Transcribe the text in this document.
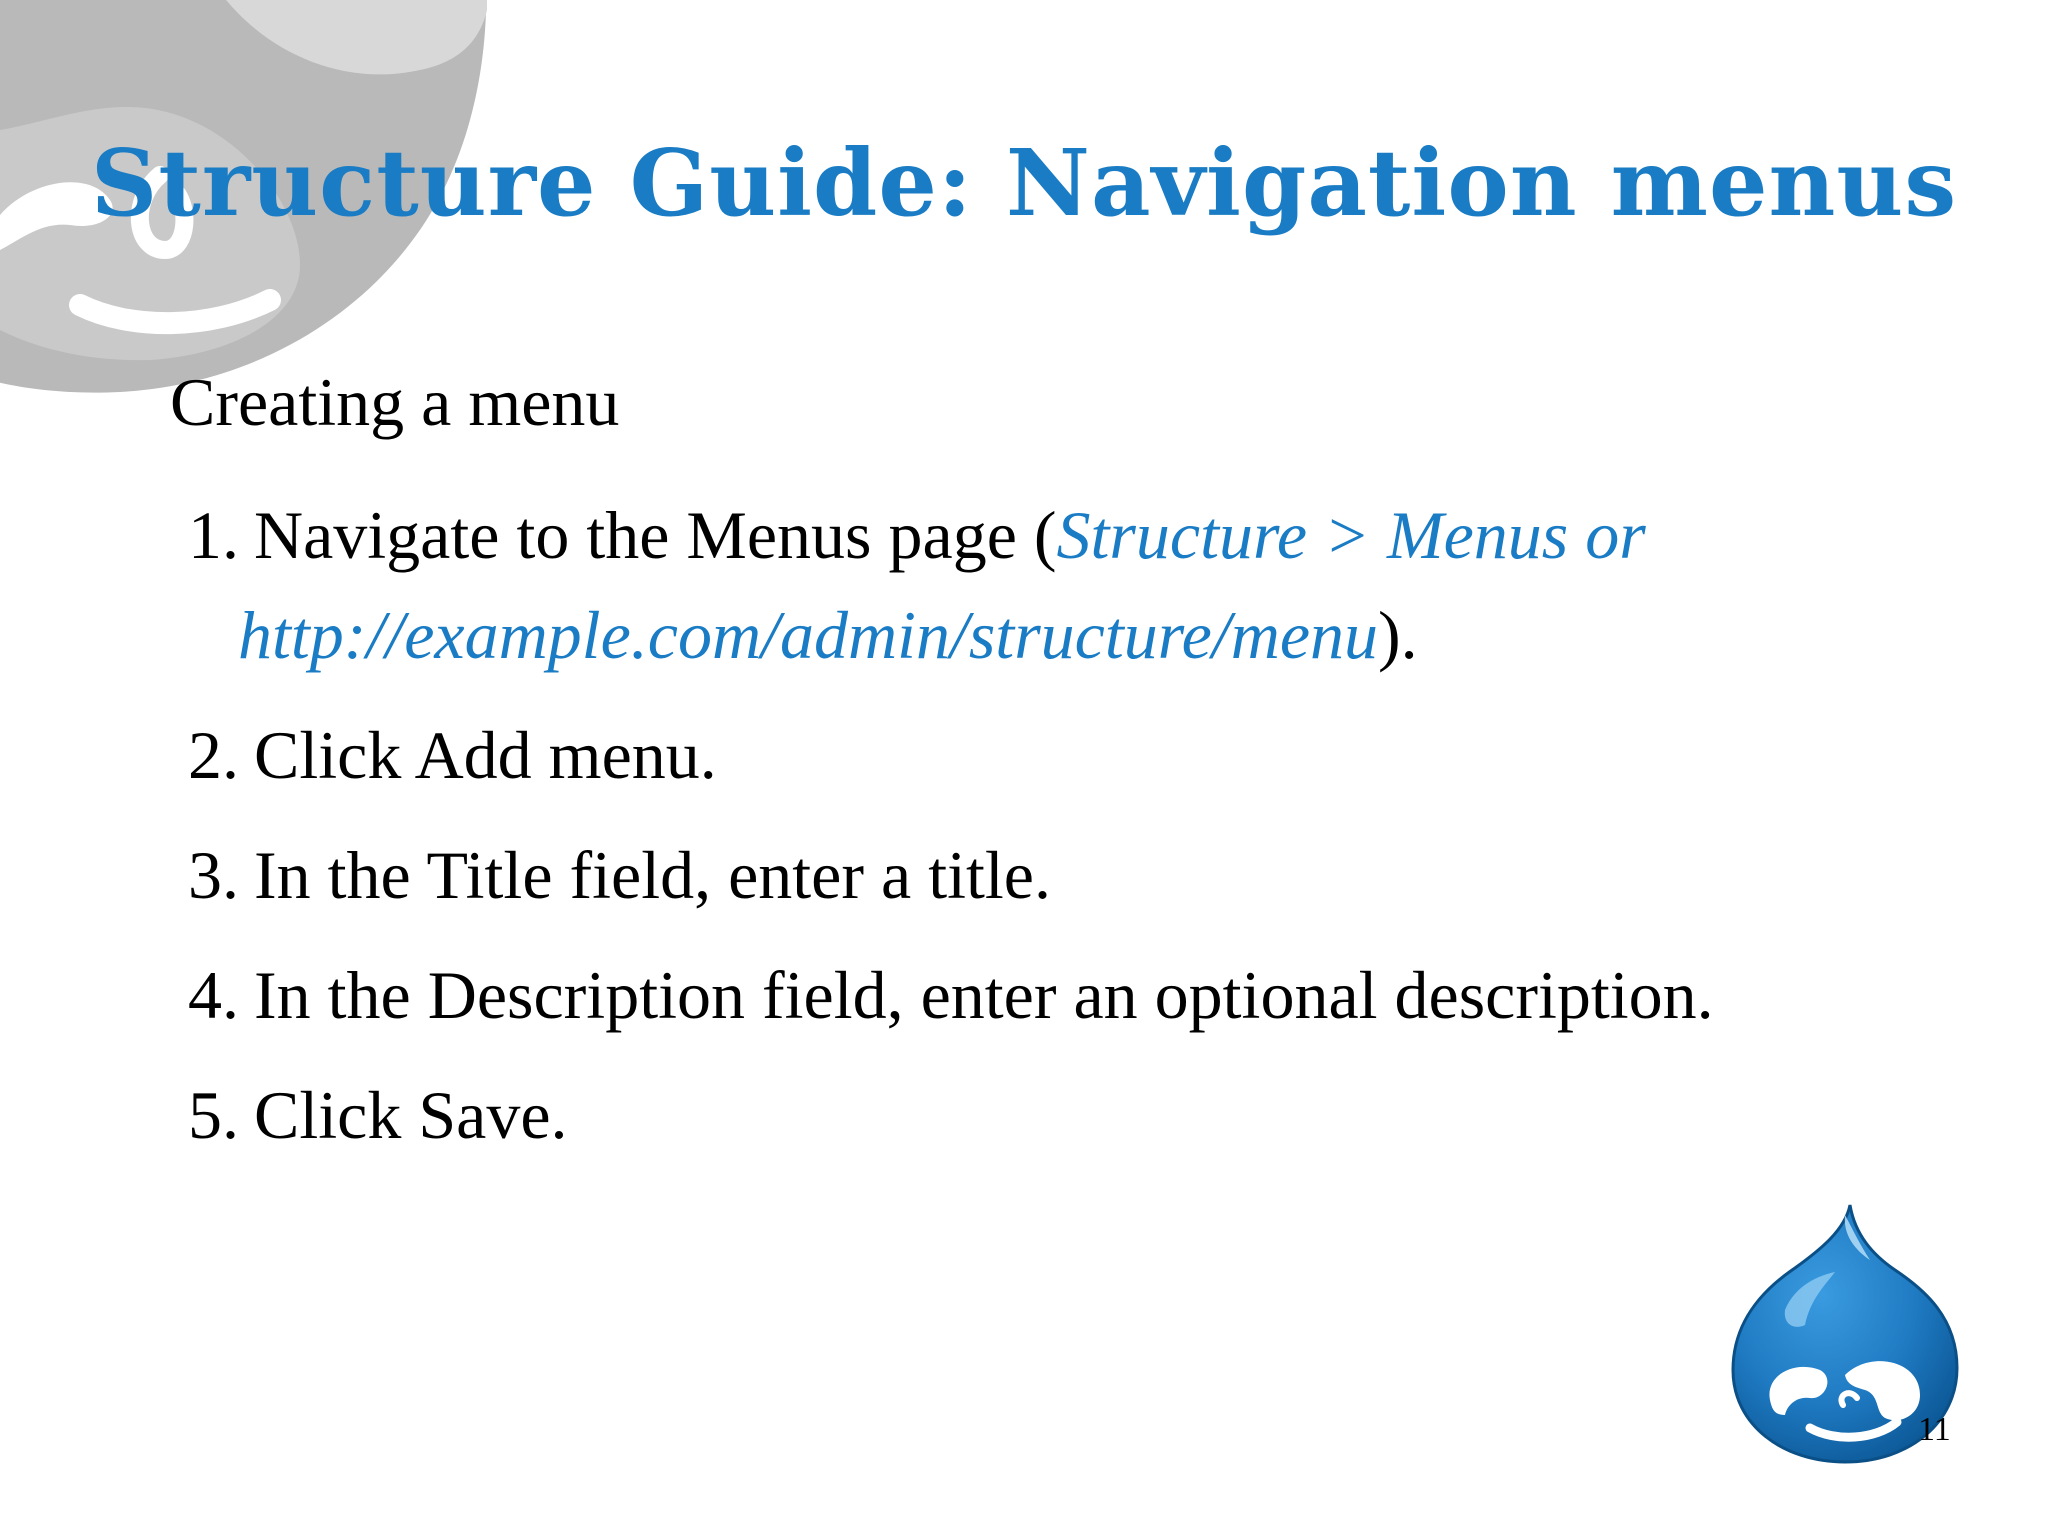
Structure Guide: Navigation menus

Creating a menu

1. Navigate to the Menus page (Structure > Menus or
http://example.com/admin/structure/menu).
2. Click Add menu.
3. In the Title field, enter a title.
4. In the Description field, enter an optional description.
5. Click Save.
11
